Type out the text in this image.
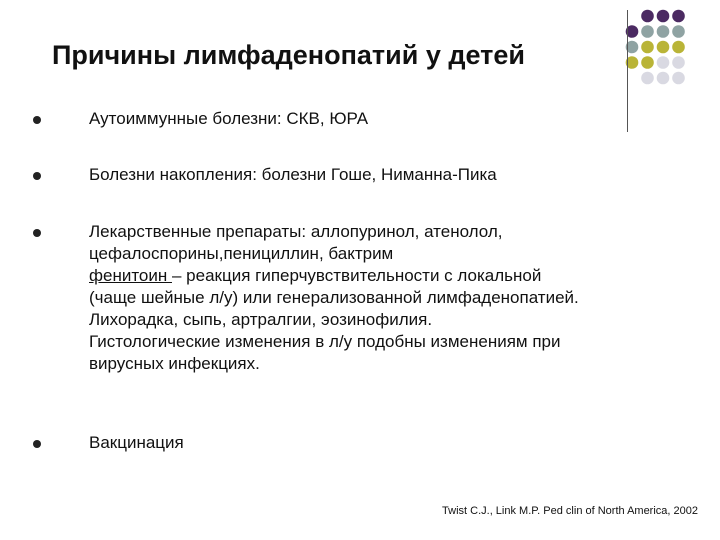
Причины лимфаденопатий у детей
Аутоиммунные болезни: СКВ, ЮРА
Болезни накопления: болезни Гоше, Ниманна-Пика
Лекарственные препараты: аллопуринол, атенолол,
цефалоспорины,пенициллин, бактрим
фенитоин – реакция гиперчувствительности с локальной
(чаще шейные л/у) или генерализованной лимфаденопатией.
Лихорадка, сыпь, артралгии, эозинофилия.
Гистологические изменения в л/у подобны изменениям при
вирусных инфекциях.
Вакцинация
Twist C.J., Link M.P. Ped clin of North America, 2002
